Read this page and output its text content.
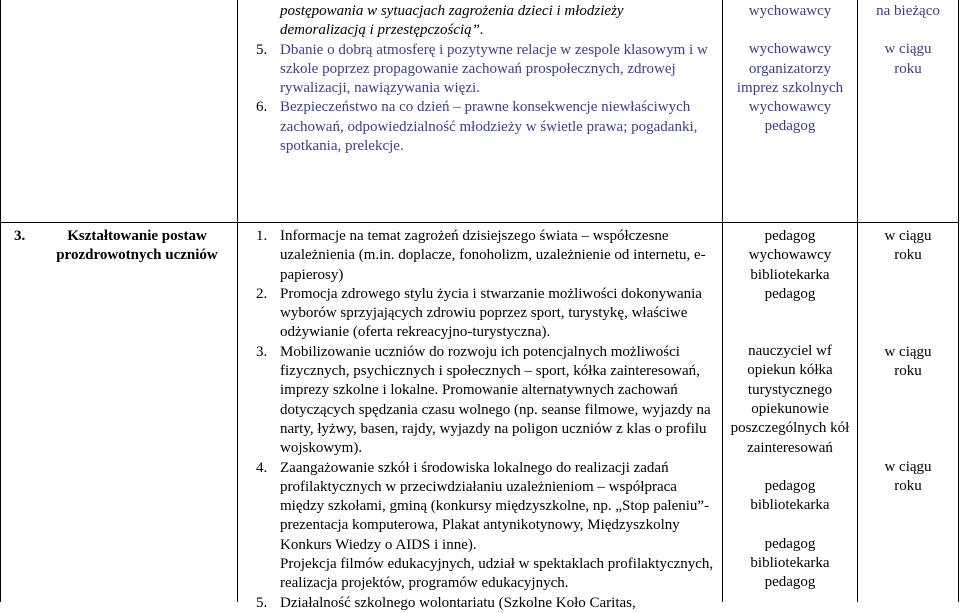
postępowania w sytuacjach zagrożenia dzieci i młodzieży
demoralizacją i przestępczością”.
5. Dbanie o dobrą atmosferę i pozytywne relacje w zespole klasowym i w szkole poprzez propagowanie zachowań prospołecznych, zdrowej rywalizacji, nawiązywania więzi.
6. Bezpieczeństwo na co dzień – prawne konsekwencje niewłaściwych zachowań, odpowiedzialność młodzieży w świetle prawa; pogadanki, spotkania, prelekcje.
wychowawcy
wychowawcy
organizatorzy
imprez szkolnych
wychowawcy
pedagog
na bieżąco
w ciągu
roku
3.	Kształtowanie postaw prozdrowotnych uczniów
1. Informacje na temat zagrożeń dzisiejszego świata – współczesne uzależnienia (m.in. doplacze, fonoholizm, uzależnienie od internetu, e-papierosy)
2. Promocja zdrowego stylu życia i stwarzanie możliwości dokonywania wyborów sprzyjających zdrowiu poprzez sport, turystykę, właściwe odżywianie (oferta rekreacyjno-turystyczna).
3. Mobilizowanie uczniów do rozwoju ich potencjalnych możliwości fizycznych, psychicznych i społecznych – sport, kółka zainteresowań, imprezy szkolne i lokalne. Promowanie alternatywnych zachowań dotyczących spędzania czasu wolnego (np. seanse filmowe, wyjazdy na narty, łyżwy, basen, rajdy, wyjazdy na poligon uczniów z klas o profilu wojskowym).
4. Zaangażowanie szkół i środowiska lokalnego do realizacji zadań profilaktycznych w przeciwdziałaniu uzależnieniom – współpraca między szkołami, gminą (konkursy międzyszkolne, np. „Stop paleniu”- prezentacja komputerowa, Plakat antynikotynowy, Międzyszkolny Konkurs Wiedzy o AIDS i inne).
Projekcja filmów edukacyjnych, udział w spektaklach profilaktycznych, realizacja projektów, programów edukacyjnych.
5. Działalność szkolnego wolontariatu (Szkolne Koło Caritas,
pedagog
wychowawcy
bibliotekarka
pedagog
nauczyciel wf
opiekun kółka
turystycznego
opiekunowie
poszczególnych kół
zainteresowań
pedagog
bibliotekarka
pedagog
bibliotekarka
pedagog
w ciągu
roku
w ciągu
roku
w ciągu
roku
